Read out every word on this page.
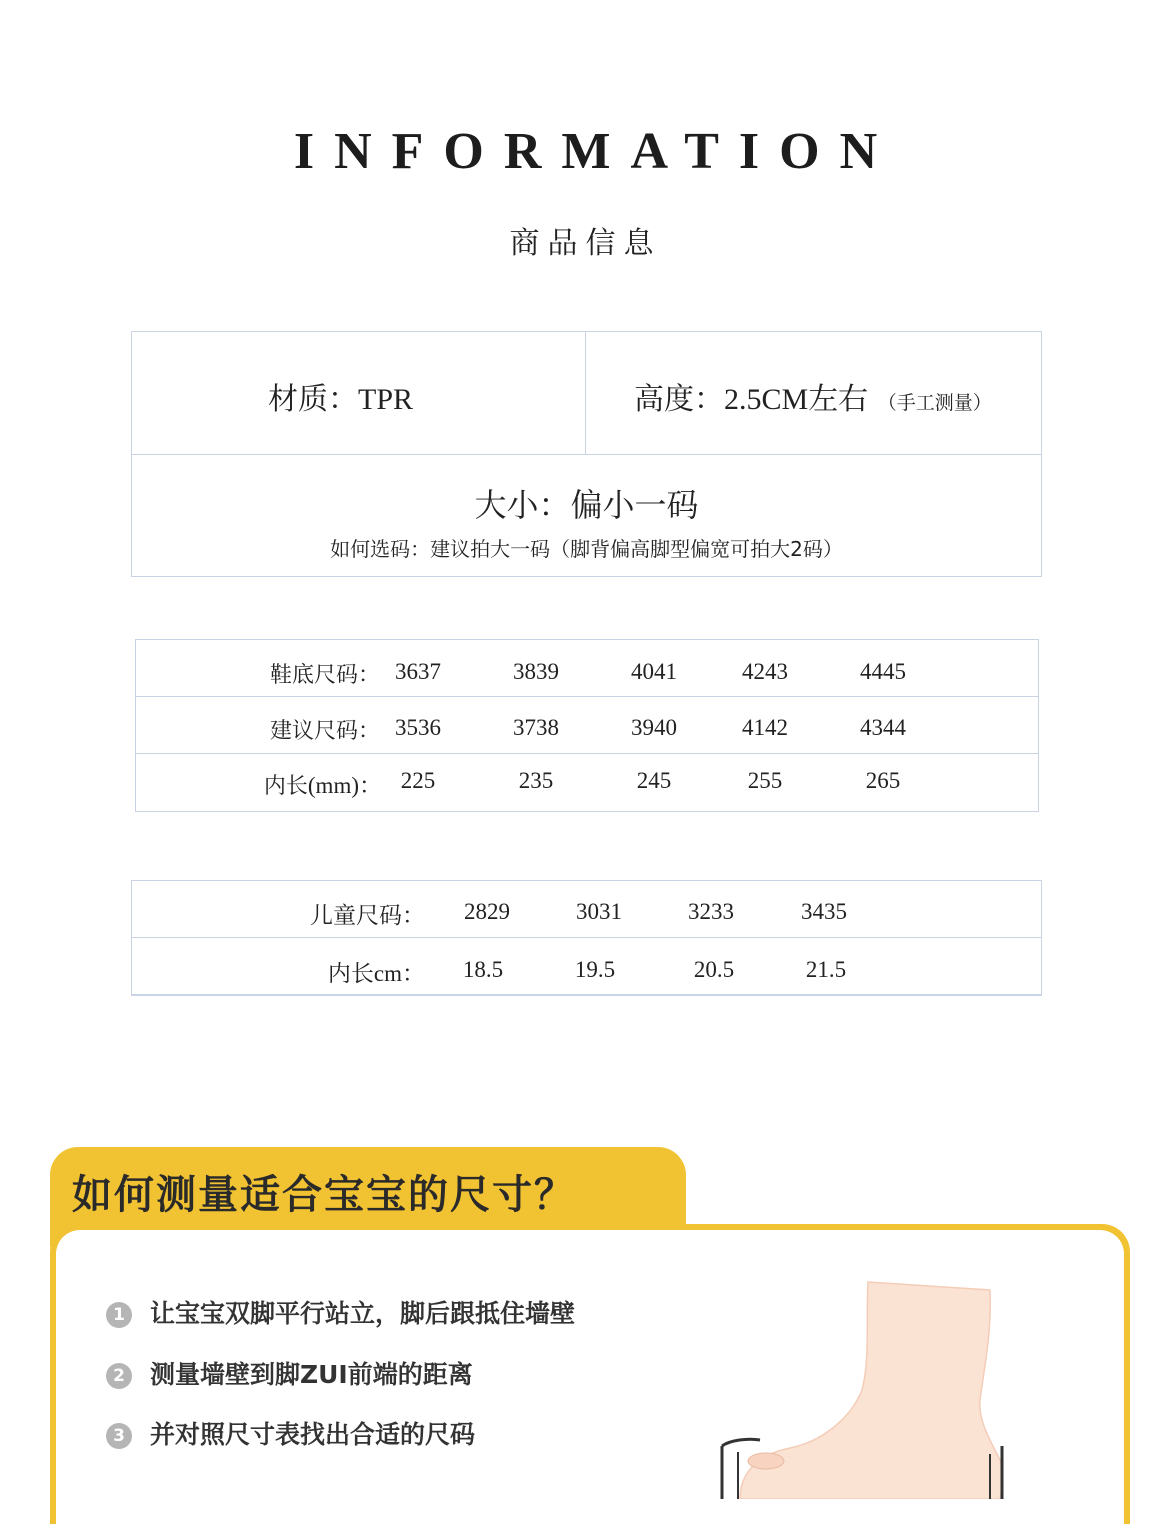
INFORMATION
商品信息
材质：TPR	高度：2.5CM左右 （手工测量）
大小：偏小一码
如何选码：建议拍大一码（脚背偏高脚型偏宽可拍大2码）
鞋底尺码： 3637	3839	4041	4243	4445
建议尺码： 3536	3738	3940	4142	4344
内长(mm)： 225	235	245	255	265
儿童尺码：	2829	3031	3233	3435
内长cm：	18.5	19.5	20.5	21.5
如何测量适合宝宝的尺寸？
1 让宝宝双脚平行站立，脚后跟抵住墙壁
2 测量墙壁到脚ZUI前端的距离
3 并对照尺寸表找出合适的尺码
